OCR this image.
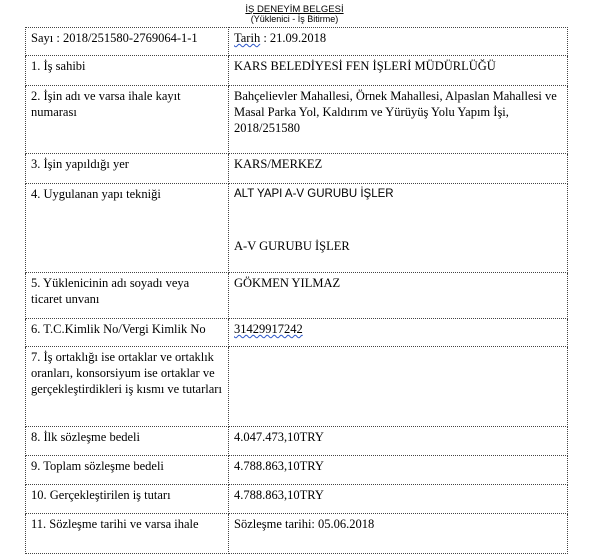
İŞ DENEYİM BELGESİ
(Yüklenici - İş Bitirme)
Sayı : 2018/251580-2769064-1-1	Tarih : 21.09.2018
1. İş sahibi	KARS BELEDİYESİ FEN İŞLERİ MÜDÜRLÜĞÜ
2. İşin adı ve varsa ihale kayıt numarası	Bahçelievler Mahallesi, Örnek Mahallesi, Alpaslan Mahallesi ve Masal Parka Yol, Kaldırım ve Yürüyüş Yolu Yapım İşi, 2018/251580
3. İşin yapıldığı yer	KARS/MERKEZ
4. Uygulanan yapı tekniği	ALT YAPI A-V GURUBU İŞLER
A-V GURUBU İŞLER

5. Yüklenicinin adı soyadı veya ticaret unvanı	GÖKMEN YILMAZ
6. T.C.Kimlik No/Vergi Kimlik No	31429917242
7. İş ortaklığı ise ortaklar ve ortaklık oranları, konsorsiyum ise ortaklar ve gerçekleştirdikleri iş kısmı ve tutarları	
8. İlk sözleşme bedeli	4.047.473,10TRY
9. Toplam sözleşme bedeli	4.788.863,10TRY
10. Gerçekleştirilen iş tutarı	4.788.863,10TRY
11. Sözleşme tarihi ve varsa ihale	Sözleşme tarihi: 05.06.2018
